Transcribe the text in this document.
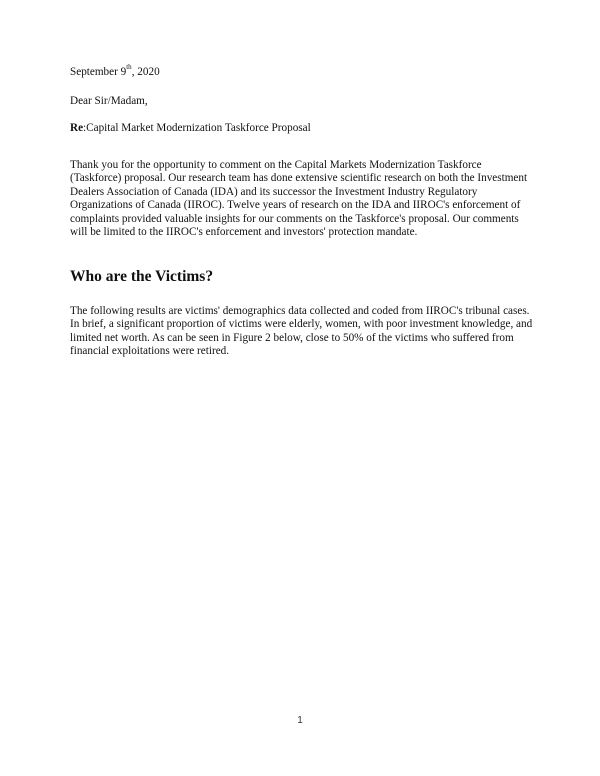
September 9th, 2020
Dear Sir/Madam,
Re:Capital Market Modernization Taskforce Proposal

Thank you for the opportunity to comment on the Capital Markets Modernization Taskforce (Taskforce) proposal. Our research team has done extensive scientific research on both the Investment Dealers Association of Canada (IDA) and its successor the Investment Industry Regulatory Organizations of Canada (IIROC). Twelve years of research on the IDA and IIROC's enforcement of complaints provided valuable insights for our comments on the Taskforce's proposal. Our comments will be limited to the IIROC's enforcement and investors' protection mandate.

Who are the Victims?

The following results are victims' demographics data collected and coded from IIROC's tribunal cases. In brief, a significant proportion of victims were elderly, women, with poor investment knowledge, and limited net worth. As can be seen in Figure 2 below, close to 50% of the victims who suffered from financial exploitations were retired.

1
